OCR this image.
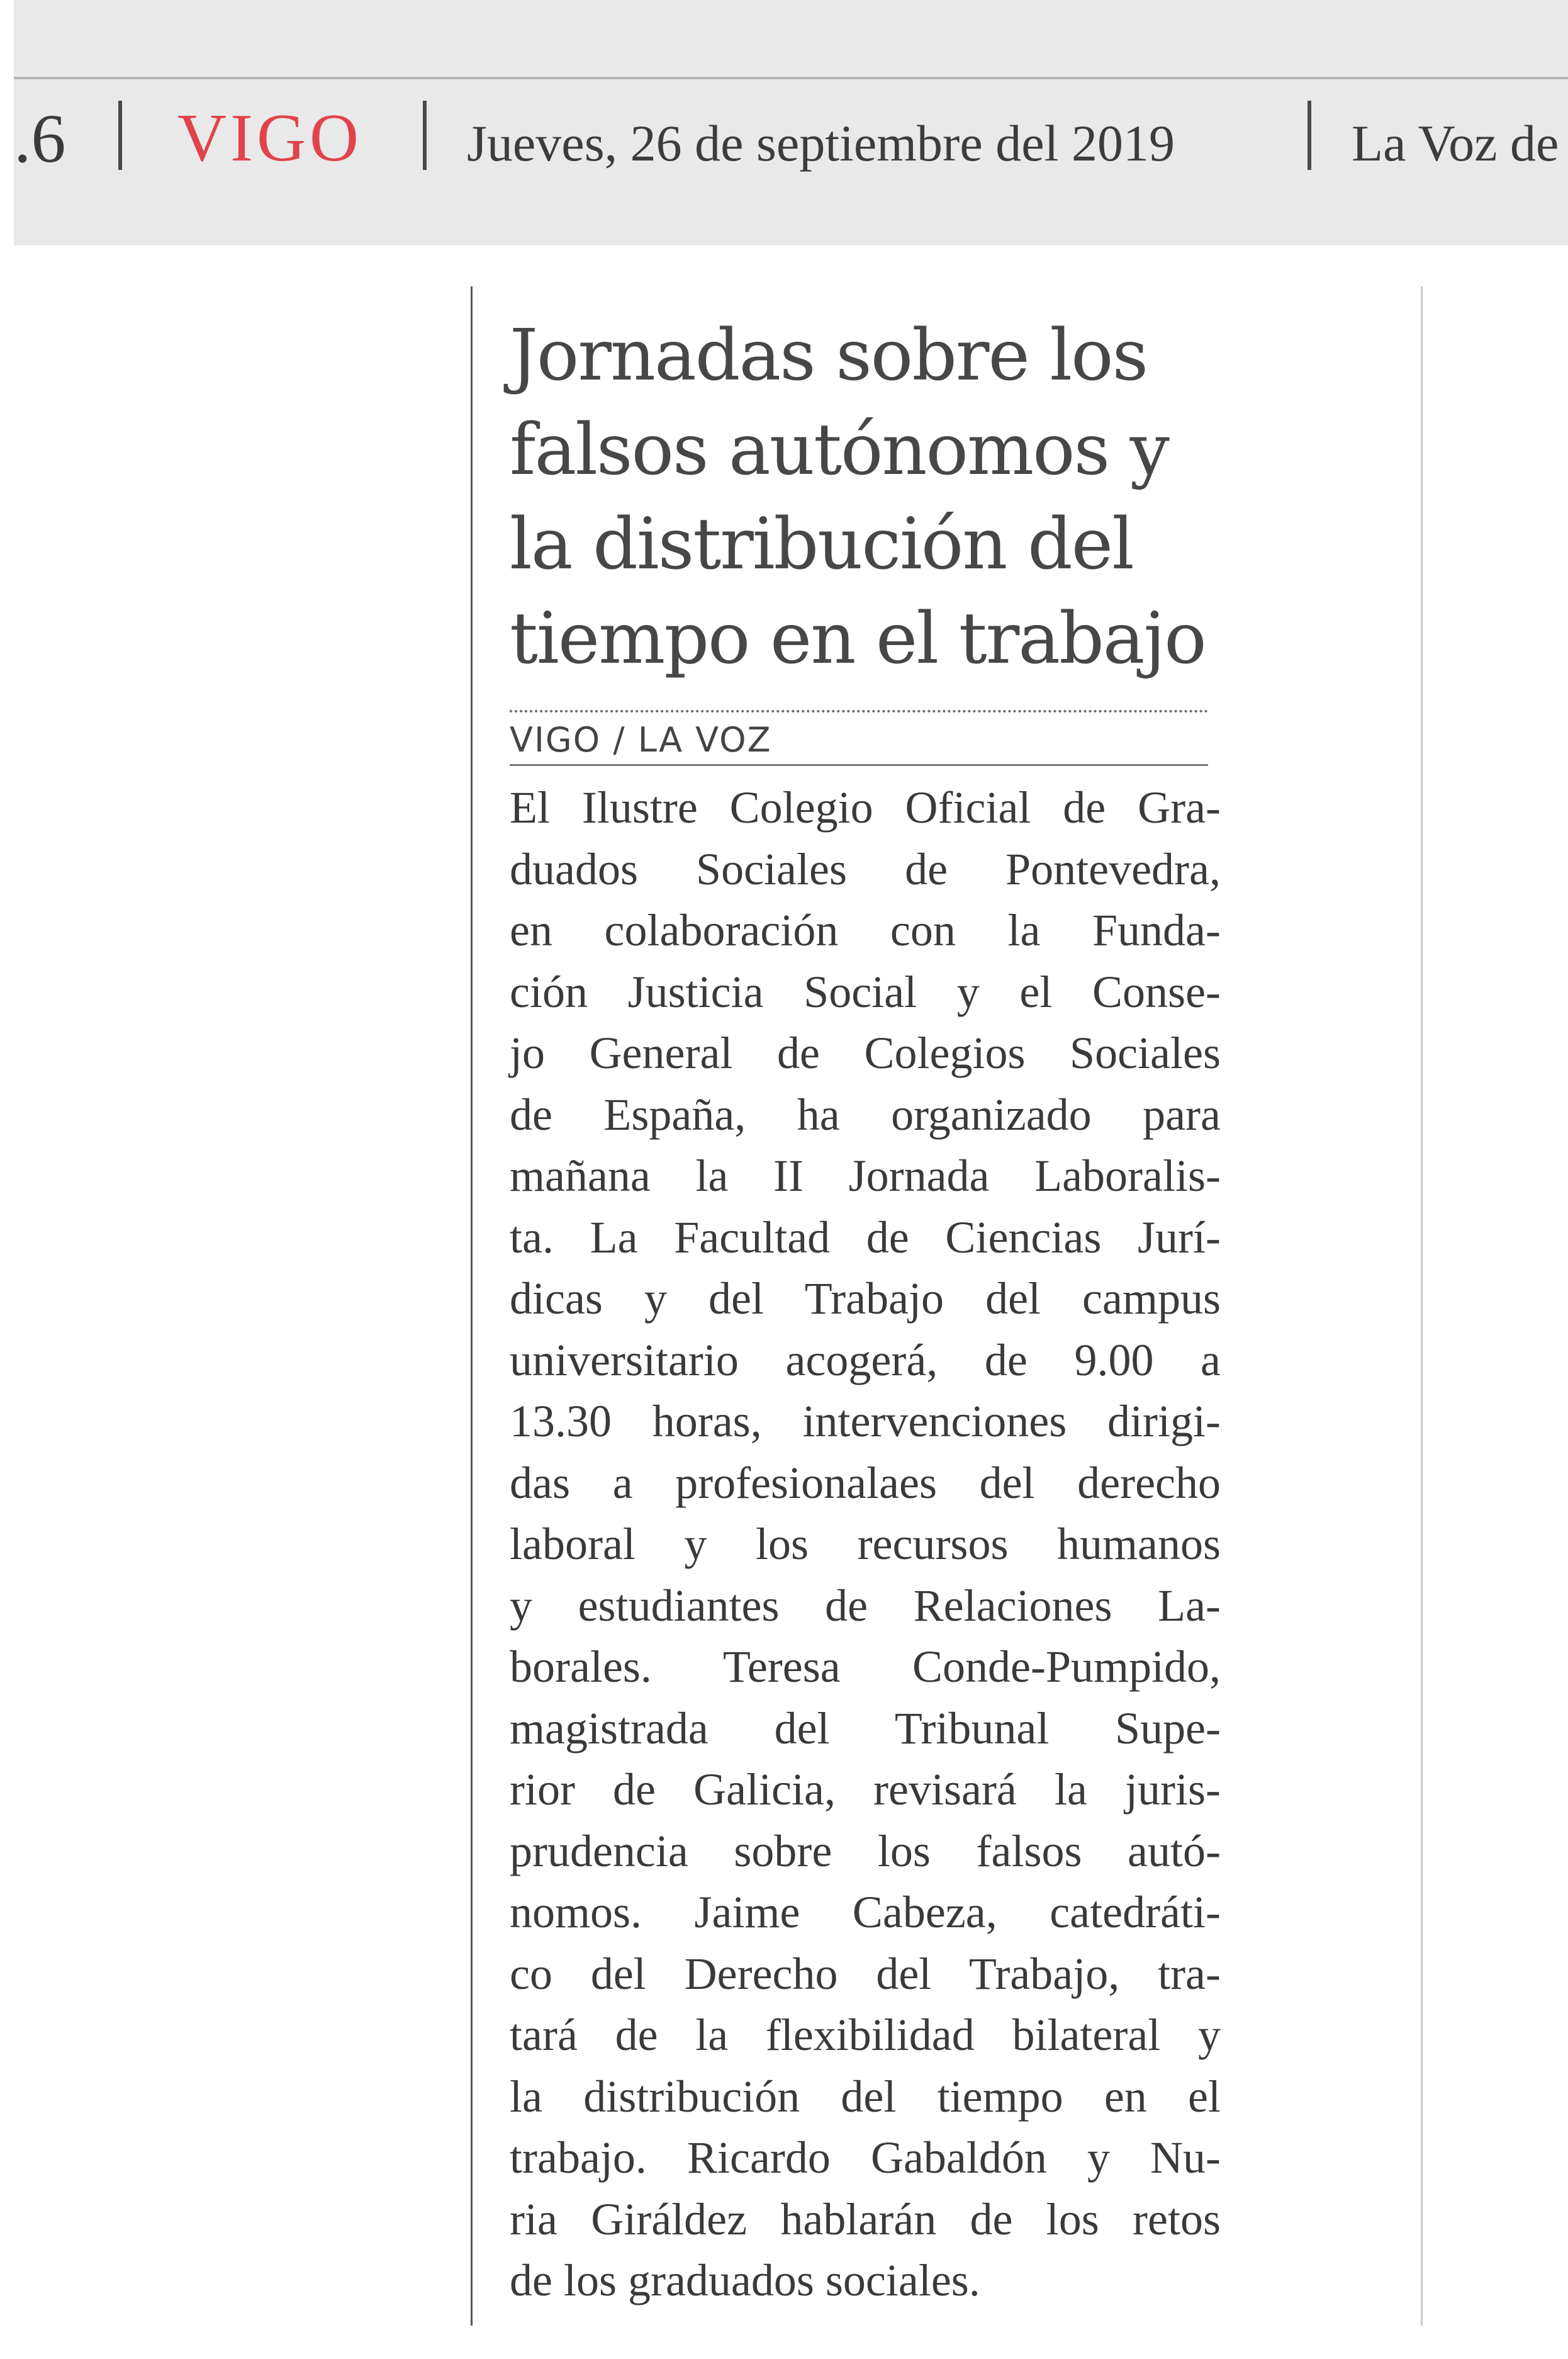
.6 VIGO Jueves, 26 de septiembre del 2019	La Voz de
Jornadas sobre los
falsos autónomos y
la distribución del
tiempo en el trabajo
VIGO / LA VOZ
El Ilustre Colegio Oficial de Gra-
duados Sociales de Pontevedra,
en colaboración con la Funda-
ción Justicia Social y el Conse-
jo General de Colegios Sociales
de España, ha organizado para
mañana la II Jornada Laboralis-
ta. La Facultad de Ciencias Jurí-
dicas y del Trabajo del campus
universitario acogerá, de 9.00 a
13.30 horas, intervenciones dirigi-
das a profesionalaes del derecho
laboral y los recursos humanos
y estudiantes de Relaciones La-
borales. Teresa Conde-Pumpido,
magistrada del Tribunal Supe-
rior de Galicia, revisará la juris-
prudencia sobre los falsos autó-
nomos. Jaime Cabeza, catedráti-
co del Derecho del Trabajo, tra-
tará de la flexibilidad bilateral y
la distribución del tiempo en el
trabajo. Ricardo Gabaldón y Nu-
ria Giráldez hablarán de los retos
de los graduados sociales.
